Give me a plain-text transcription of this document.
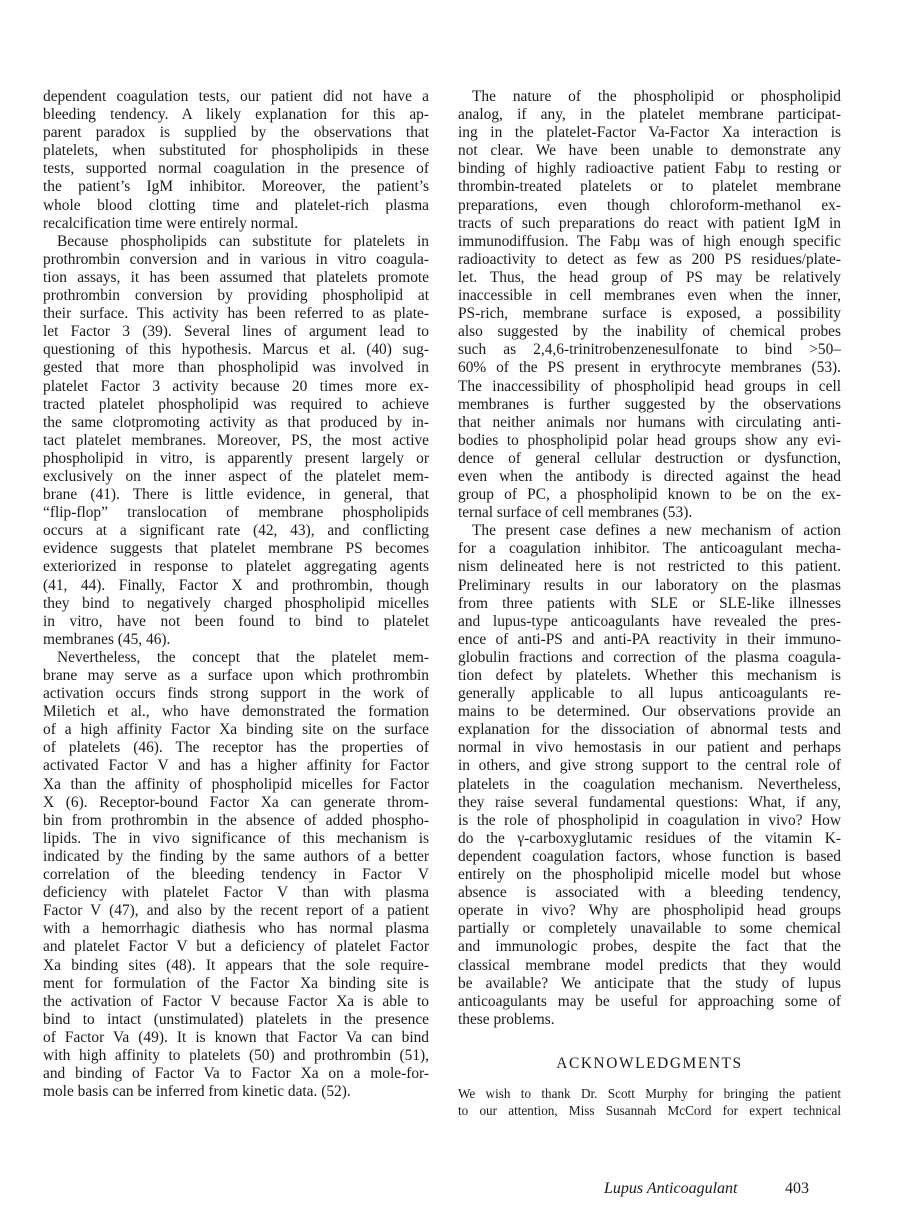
dependent coagulation tests, our patient did not have a
bleeding tendency. A likely explanation for this ap-
parent paradox is supplied by the observations that
platelets, when substituted for phospholipids in these
tests, supported normal coagulation in the presence of
the patient’s IgM inhibitor. Moreover, the patient’s
whole blood clotting time and platelet-rich plasma
recalcification time were entirely normal.
Because phospholipids can substitute for platelets in
prothrombin conversion and in various in vitro coagula-
tion assays, it has been assumed that platelets promote
prothrombin conversion by providing phospholipid at
their surface. This activity has been referred to as plate-
let Factor 3 (39). Several lines of argument lead to
questioning of this hypothesis. Marcus et al. (40) sug-
gested that more than phospholipid was involved in
platelet Factor 3 activity because 20 times more ex-
tracted platelet phospholipid was required to achieve
the same clotpromoting activity as that produced by in-
tact platelet membranes. Moreover, PS, the most active
phospholipid in vitro, is apparently present largely or
exclusively on the inner aspect of the platelet mem-
brane (41). There is little evidence, in general, that
“flip-flop” translocation of membrane phospholipids
occurs at a significant rate (42, 43), and conflicting
evidence suggests that platelet membrane PS becomes
exteriorized in response to platelet aggregating agents
(41, 44). Finally, Factor X and prothrombin, though
they bind to negatively charged phospholipid micelles
in vitro, have not been found to bind to platelet
membranes (45, 46).
Nevertheless, the concept that the platelet mem-
brane may serve as a surface upon which prothrombin
activation occurs finds strong support in the work of
Miletich et al., who have demonstrated the formation
of a high affinity Factor Xa binding site on the surface
of platelets (46). The receptor has the properties of
activated Factor V and has a higher affinity for Factor
Xa than the affinity of phospholipid micelles for Factor
X (6). Receptor-bound Factor Xa can generate throm-
bin from prothrombin in the absence of added phospho-
lipids. The in vivo significance of this mechanism is
indicated by the finding by the same authors of a better
correlation of the bleeding tendency in Factor V
deficiency with platelet Factor V than with plasma
Factor V (47), and also by the recent report of a patient
with a hemorrhagic diathesis who has normal plasma
and platelet Factor V but a deficiency of platelet Factor
Xa binding sites (48). It appears that the sole require-
ment for formulation of the Factor Xa binding site is
the activation of Factor V because Factor Xa is able to
bind to intact (unstimulated) platelets in the presence
of Factor Va (49). It is known that Factor Va can bind
with high affinity to platelets (50) and prothrombin (51),
and binding of Factor Va to Factor Xa on a mole-for-
mole basis can be inferred from kinetic data. (52).
The nature of the phospholipid or phospholipid
analog, if any, in the platelet membrane participat-
ing in the platelet-Factor Va-Factor Xa interaction is
not clear. We have been unable to demonstrate any
binding of highly radioactive patient Fabμ to resting or
thrombin-treated platelets or to platelet membrane
preparations, even though chloroform-methanol ex-
tracts of such preparations do react with patient IgM in
immunodiffusion. The Fabμ was of high enough specific
radioactivity to detect as few as 200 PS residues/plate-
let. Thus, the head group of PS may be relatively
inaccessible in cell membranes even when the inner,
PS-rich, membrane surface is exposed, a possibility
also suggested by the inability of chemical probes
such as 2,4,6-trinitrobenzenesulfonate to bind >50–
60% of the PS present in erythrocyte membranes (53).
The inaccessibility of phospholipid head groups in cell
membranes is further suggested by the observations
that neither animals nor humans with circulating anti-
bodies to phospholipid polar head groups show any evi-
dence of general cellular destruction or dysfunction,
even when the antibody is directed against the head
group of PC, a phospholipid known to be on the ex-
ternal surface of cell membranes (53).
The present case defines a new mechanism of action
for a coagulation inhibitor. The anticoagulant mecha-
nism delineated here is not restricted to this patient.
Preliminary results in our laboratory on the plasmas
from three patients with SLE or SLE-like illnesses
and lupus-type anticoagulants have revealed the pres-
ence of anti-PS and anti-PA reactivity in their immuno-
globulin fractions and correction of the plasma coagula-
tion defect by platelets. Whether this mechanism is
generally applicable to all lupus anticoagulants re-
mains to be determined. Our observations provide an
explanation for the dissociation of abnormal tests and
normal in vivo hemostasis in our patient and perhaps
in others, and give strong support to the central role of
platelets in the coagulation mechanism. Nevertheless,
they raise several fundamental questions: What, if any,
is the role of phospholipid in coagulation in vivo? How
do the γ-carboxyglutamic residues of the vitamin K-
dependent coagulation factors, whose function is based
entirely on the phospholipid micelle model but whose
absence is associated with a bleeding tendency,
operate in vivo? Why are phospholipid head groups
partially or completely unavailable to some chemical
and immunologic probes, despite the fact that the
classical membrane model predicts that they would
be available? We anticipate that the study of lupus
anticoagulants may be useful for approaching some of
these problems.
ACKNOWLEDGMENTS
We wish to thank Dr. Scott Murphy for bringing the patient
to our attention, Miss Susannah McCord for expert technical
Lupus Anticoagulant	403
